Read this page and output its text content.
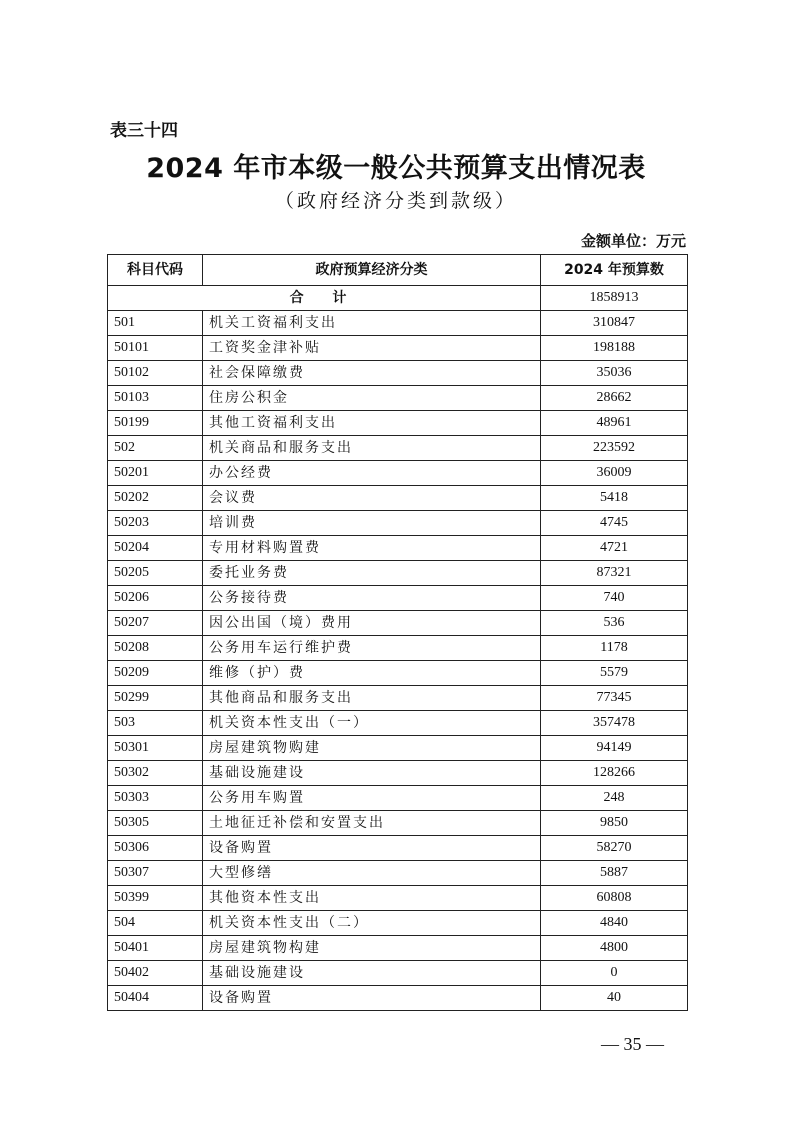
表三十四
2024 年市本级一般公共预算支出情况表
（政府经济分类到款级）
金额单位：万元
科目代码	政府预算经济分类	2024 年预算数
合 计		1858913
501	机关工资福利支出	310847
50101	工资奖金津补贴	198188
50102	社会保障缴费	35036
50103	住房公积金	28662
50199	其他工资福利支出	48961
502	机关商品和服务支出	223592
50201	办公经费	36009
50202	会议费	5418
50203	培训费	4745
50204	专用材料购置费	4721
50205	委托业务费	87321
50206	公务接待费	740
50207	因公出国（境）费用	536
50208	公务用车运行维护费	1178
50209	维修（护）费	5579
50299	其他商品和服务支出	77345
503	机关资本性支出（一）	357478
50301	房屋建筑物购建	94149
50302	基础设施建设	128266
50303	公务用车购置	248
50305	土地征迁补偿和安置支出	9850
50306	设备购置	58270
50307	大型修缮	5887
50399	其他资本性支出	60808
504	机关资本性支出（二）	4840
50401	房屋建筑物构建	4800
50402	基础设施建设	0
50404	设备购置	40
— 35 —
